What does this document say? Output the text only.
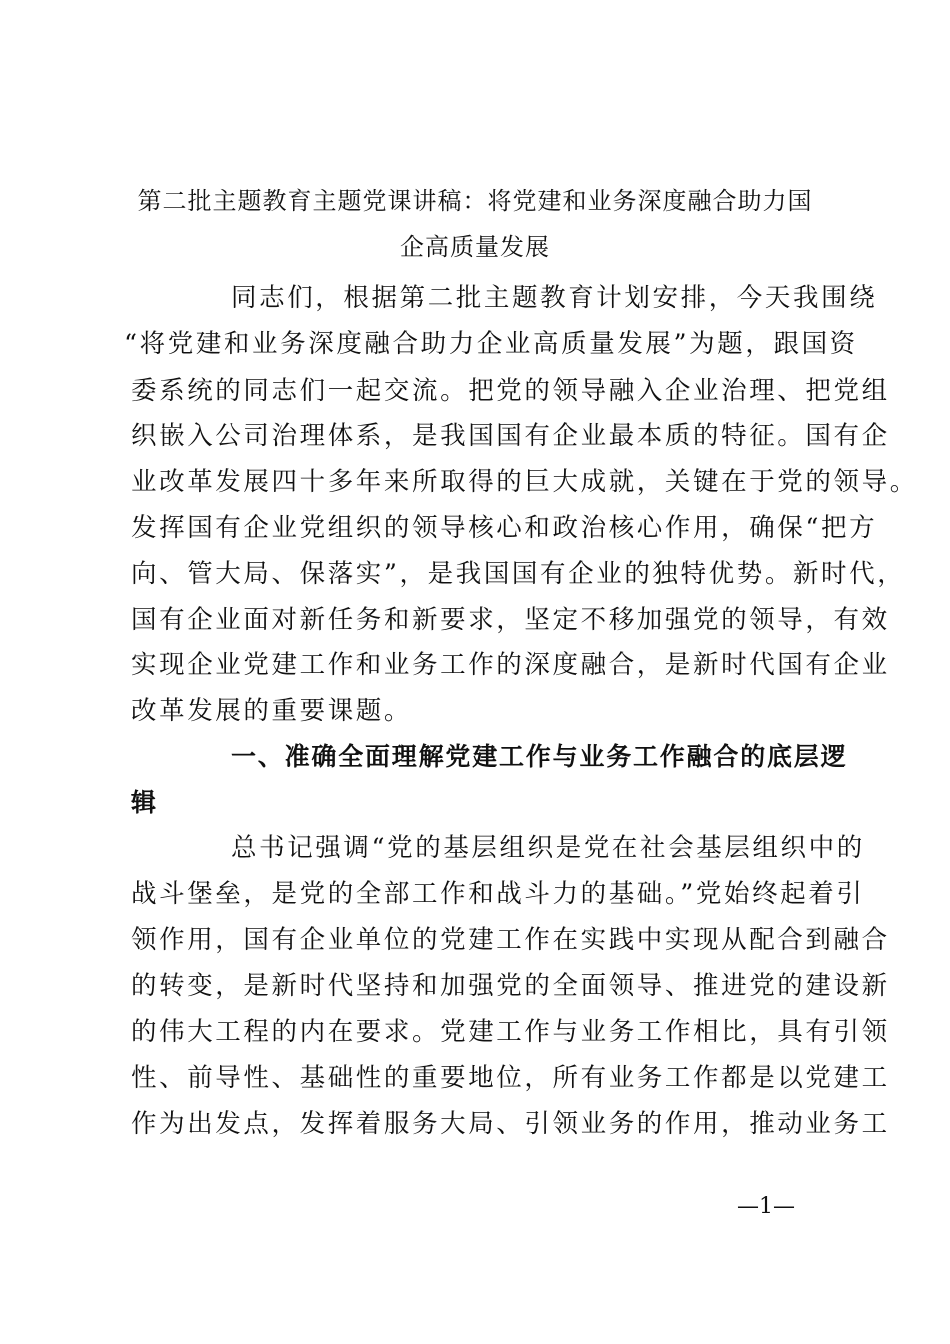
第二批主题教育主题党课讲稿：将党建和业务深度融合助力国
企高质量发展
同志们，根据第二批主题教育计划安排，今天我围绕
“将党建和业务深度融合助力企业高质量发展”为题，跟国资
委系统的同志们一起交流。把党的领导融入企业治理、把党组
织嵌入公司治理体系，是我国国有企业最本质的特征。国有企
业改革发展四十多年来所取得的巨大成就，关键在于党的领导。
发挥国有企业党组织的领导核心和政治核心作用，确保“把方
向、管大局、保落实”，是我国国有企业的独特优势。新时代，
国有企业面对新任务和新要求，坚定不移加强党的领导，有效
实现企业党建工作和业务工作的深度融合，是新时代国有企业
改革发展的重要课题。
一、准确全面理解党建工作与业务工作融合的底层逻
辑
总书记强调“党的基层组织是党在社会基层组织中的
战斗堡垒，是党的全部工作和战斗力的基础。”党始终起着引
领作用，国有企业单位的党建工作在实践中实现从配合到融合
的转变，是新时代坚持和加强党的全面领导、推进党的建设新
的伟大工程的内在要求。党建工作与业务工作相比，具有引领
性、前导性、基础性的重要地位，所有业务工作都是以党建工
作为出发点，发挥着服务大局、引领业务的作用，推动业务工
—1—
